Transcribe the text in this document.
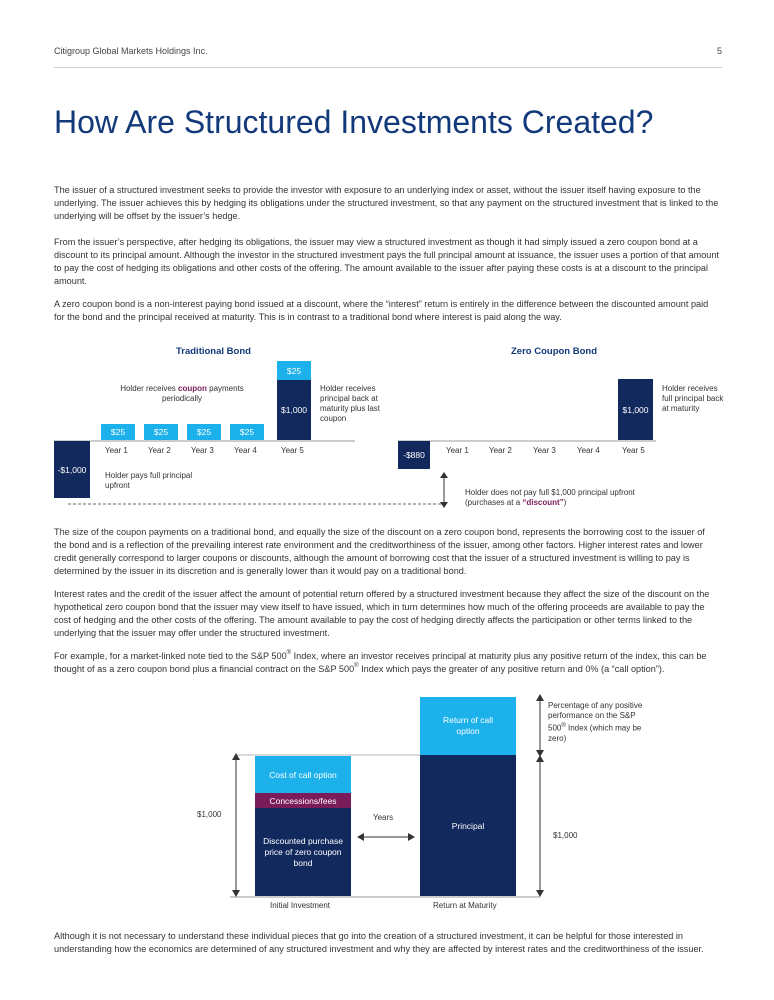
Citigroup Global Markets Holdings Inc.	5
How Are Structured Investments Created?

The issuer of a structured investment seeks to provide the investor with exposure to an underlying index or asset, without the issuer itself having exposure to the underlying. The issuer achieves this by hedging its obligations under the structured investment, so that any payment on the structured investment that is linked to the underlying will be offset by the issuer’s hedge.

From the issuer’s perspective, after hedging its obligations, the issuer may view a structured investment as though it had simply issued a zero coupon bond at a discount to its principal amount. Although the investor in the structured investment pays the full principal amount at issuance, the issuer uses a portion of that amount to pay the cost of hedging its obligations and other costs of the offering. The amount available to the issuer after paying these costs is at a discount to the principal amount.

A zero coupon bond is a non-interest paying bond issued at a discount, where the “interest” return is entirely in the difference between the discounted amount paid for the bond and the principal received at maturity. This is in contrast to a traditional bond where interest is paid along the way.

Traditional Bond	Zero Coupon Bond
-$1,000
$25	$25	$25	$25
$25
$1,000
Year 1	Year 2	Year 3	Year 4	Year 5
Holder receives coupon payments periodically
Holder receives principal back at maturity plus last coupon
Holder pays full principal upfront
-$880
$1,000
Year 1	Year 2	Year 3	Year 4	Year 5
Holder receives full principal back at maturity
Holder does not pay full $1,000 principal upfront (purchases at a “discount”)

The size of the coupon payments on a traditional bond, and equally the size of the discount on a zero coupon bond, represents the borrowing cost to the issuer of the bond and is a reflection of the prevailing interest rate environment and the creditworthiness of the issuer, among other factors. Higher interest rates and lower credit generally correspond to larger coupons or discounts, although the amount of borrowing cost that the issuer of a structured investment is willing to pay is determined by the issuer in its discretion and is generally lower than it would pay on a traditional bond.

Interest rates and the credit of the issuer affect the amount of potential return offered by a structured investment because they affect the size of the discount on the hypothetical zero coupon bond that the issuer may view itself to have issued, which in turn determines how much of the offering proceeds are available to pay the cost of hedging and the other costs of the offering. The amount available to pay the cost of hedging directly affects the participation or other terms linked to the underlying that the issuer may offer under the structured investment.

For example, for a market-linked note tied to the S&P 500® Index, where an investor receives principal at maturity plus any positive return of the index, this can be thought of as a zero coupon bond plus a financial contract on the S&P 500® Index which pays the greater of any positive return and 0% (a “call option”).

Cost of call option
Concessions/fees
Discounted purchase price of zero coupon bond
Return of call option
Principal
$1,000	Years
$1,000
Initial Investment	Return at Maturity
Percentage of any positive performance on the S&P 500® Index (which may be zero)

Although it is not necessary to understand these individual pieces that go into the creation of a structured investment, it can be helpful for those interested in understanding how the economics are determined of any structured investment and why they are affected by interest rates and the creditworthiness of the issuer.
